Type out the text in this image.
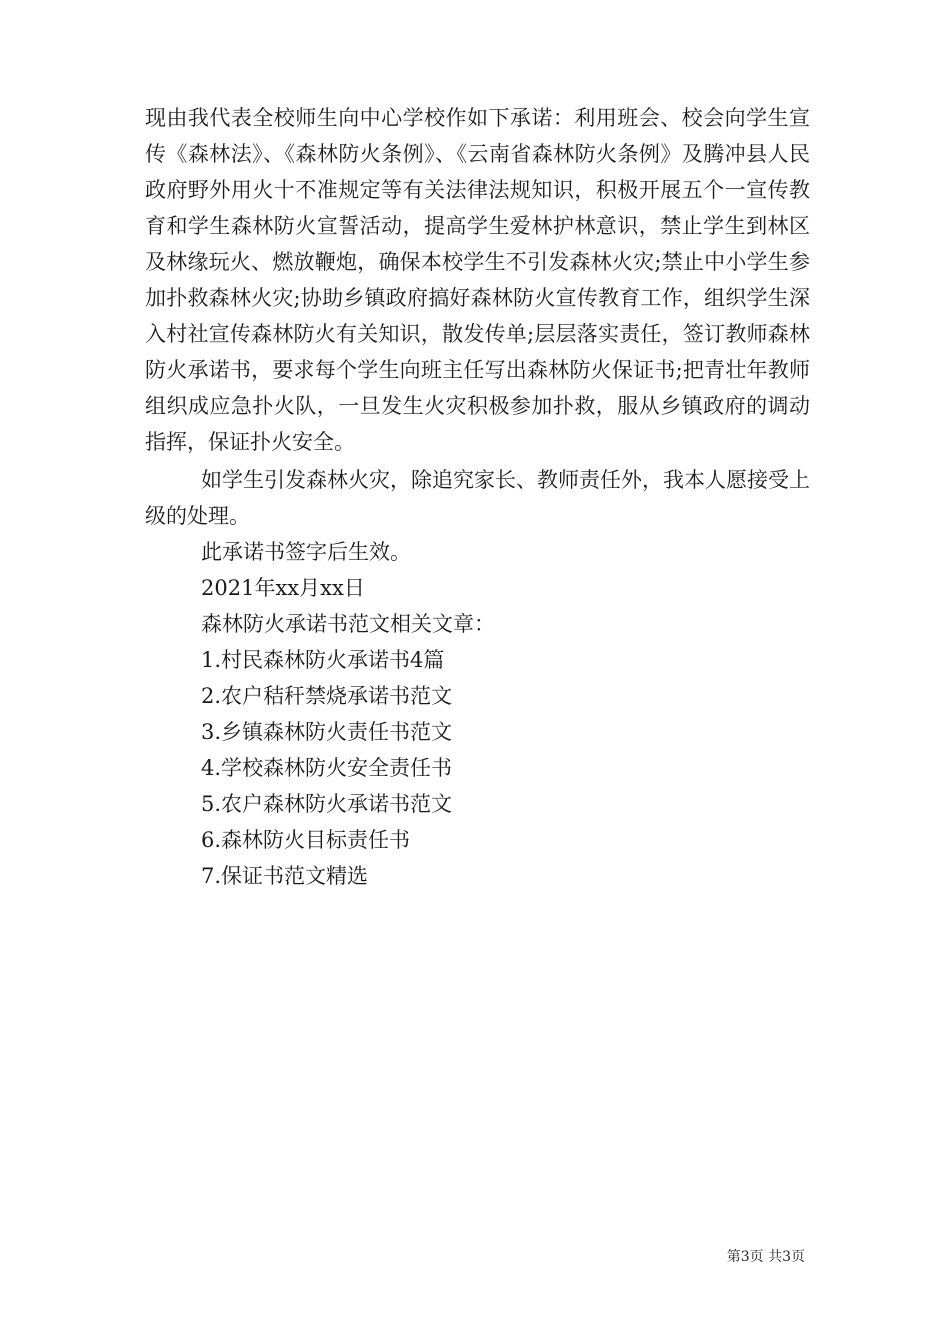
现由我代表全校师生向中心学校作如下承诺：利用班会、校会向学生宣传《森林法》、《森林防火条例》、《云南省森林防火条例》及腾冲县人民政府野外用火十不准规定等有关法律法规知识，积极开展五个一宣传教育和学生森林防火宣誓活动，提高学生爱林护林意识，禁止学生到林区及林缘玩火、燃放鞭炮，确保本校学生不引发森林火灾;禁止中小学生参加扑救森林火灾;协助乡镇政府搞好森林防火宣传教育工作，组织学生深入村社宣传森林防火有关知识，散发传单;层层落实责任，签订教师森林防火承诺书，要求每个学生向班主任写出森林防火保证书;把青壮年教师组织成应急扑火队，一旦发生火灾积极参加扑救，服从乡镇政府的调动指挥，保证扑火安全。

如学生引发森林火灾，除追究家长、教师责任外，我本人愿接受上级的处理。

此承诺书签字后生效。

2021年xx月xx日

森林防火承诺书范文相关文章：

1.村民森林防火承诺书4篇
2.农户秸秆禁烧承诺书范文
3.乡镇森林防火责任书范文
4.学校森林防火安全责任书
5.农户森林防火承诺书范文
6.森林防火目标责任书
7.保证书范文精选
第3页 共3页
